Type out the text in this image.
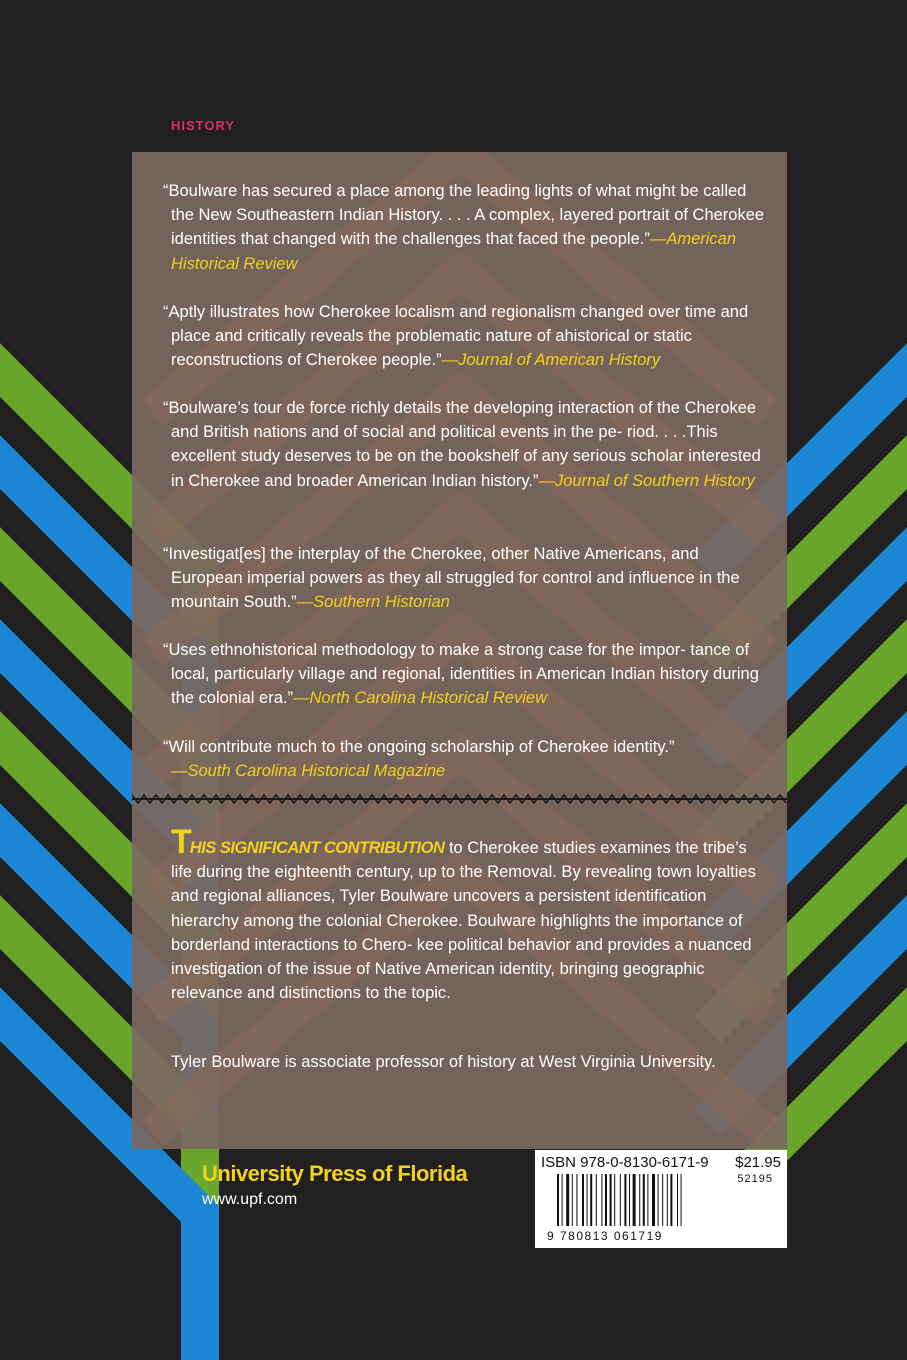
HISTORY
“Boulware has secured a place among the leading lights of what might be called the New Southeastern Indian History. . . . A complex, layered portrait of Cherokee identities that changed with the challenges that faced the people.”—American Historical Review
“Aptly illustrates how Cherokee localism and regionalism changed over time and place and critically reveals the problematic nature of ahistorical or static reconstructions of Cherokee people.”—Journal of American History
“Boulware’s tour de force richly details the developing interaction of the Cherokee and British nations and of social and political events in the pe- riod. . . .This excellent study deserves to be on the bookshelf of any serious scholar interested in Cherokee and broader American Indian history.”—Journal of Southern History
“Investigat[es] the interplay of the Cherokee, other Native Americans, and European imperial powers as they all struggled for control and influence in the mountain South.”—Southern Historian
“Uses ethnohistorical methodology to make a strong case for the impor- tance of local, particularly village and regional, identities in American Indian history during the colonial era.”—North Carolina Historical Review
“Will contribute much to the ongoing scholarship of Cherokee identity.”
—South Carolina Historical Magazine
THIS SIGNIFICANT CONTRIBUTION to Cherokee studies examines the tribe’s life during the eighteenth century, up to the Removal. By revealing town loyalties and regional alliances, Tyler Boulware uncovers a persistent identification hierarchy among the colonial Cherokee. Boulware highlights the importance of borderland interactions to Chero- kee political behavior and provides a nuanced investigation of the issue of Native American identity, bringing geographic relevance and distinctions to the topic.
Tyler Boulware is associate professor of history at West Virginia University.
University Press of Florida
www.upf.com
ISBN 978-0-8130-6171-9 $21.95
52195
9 780813 061719
